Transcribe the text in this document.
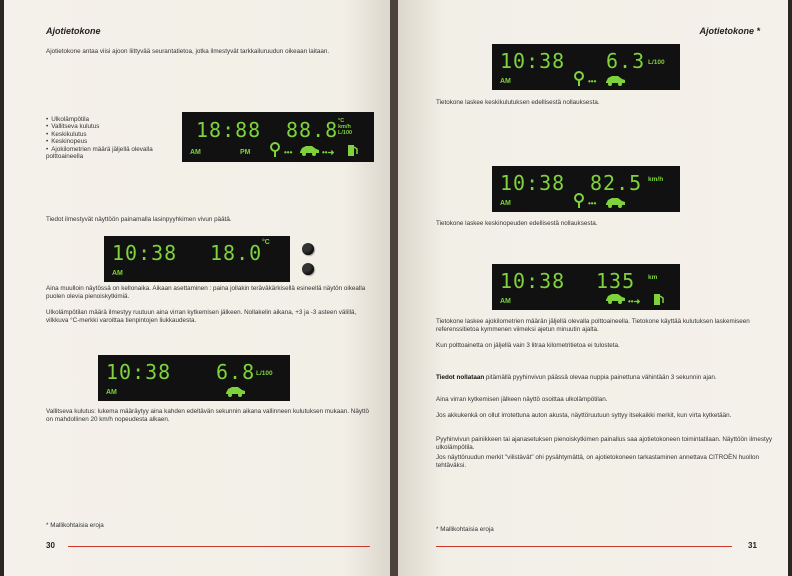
Ajotietokone
Ajotietokone antaa viisi ajoon liittyvää seurantatietoa, jotka ilmestyvät tarkkailuruudun oikeaan laitaan.
• Ulkolämpötila
• Vallitseva kulutus
• Keskikulutus
• Keskinopeus
• Ajokilometrien määrä jäljellä olevalla polttoaineella
18:88 88.8 °C
km/h
L/100
AM	PM	•••	••➜
Tiedot ilmestyvät näyttöön painamalla lasinpyyhkimen vivun päätä.
10:38 18.0 °C
AM
Aina muulloin näytössä on kellonaika. Aikaan asettaminen : paina jollakin teräväkärkisellä esineellä näytön oikealla puolen olevia pienoiskytkimiä.
Ulkolämpötilan määrä ilmestyy ruutuun aina virran kytkemisen jälkeen. Nollakelin aikana, +3 ja -3 asteen välillä, vilkkuva °C-merkki varoittaa tienpintojen liukkaudesta.
10:38 6.8 L/100
AM
Vallitseva kulutus: lukema määräytyy aina kahden edeltävän sekunnin aikana vallinneen kulutuksen mukaan. Näyttö on mahdollinen 20 km/h nopeudesta alkaen.
* Mallikohtaisia eroja
30
Ajotietokone *
10:38 6.3 L/100
AM	•••
Tietokone laskee keskikulutuksen edellisestä nollauksesta.
10:38 82.5 km/h
AM	•••
Tietokone laskee keskinopeuden edellisestä nollauksesta.
10:38 135 km
AM	••➜
Tietokone laskee ajokilometrien määrän jäljellä olevalla polttoaineella. Tietokone käyttää kulutuksen laskemiseen referenssitietoa kymmenen viimeksi ajetun minuutin ajalta.
Kun polttoainetta on jäljellä vain 3 litraa kilometritietoa ei tulosteta.
Tiedot nollataan pitämällä pyyhinvivun päässä olevaa nuppia painettuna vähintään 3 sekunnin ajan.
Aina virran kytkemisen jälkeen näyttö osoittaa ulkolämpötilan.
Jos akkukenkä on ollut irrotettuna auton akusta, näyttöruutuun syttyy itsekaikki merkit, kun virta kytketään.
Pyyhinvivun painikkeen tai ajanasetuksen pienoiskytkimen painallus saa ajotietokoneen toimintatilaan. Näyttöön ilmestyy ulkolämpötila.
Jos näyttöruudun merkit "vilistävät" ohi pysähtymättä, on ajotietokoneen tarkastaminen annettava CITROËN huollon tehtäväksi.
* Mallikohtaisia eroja
31
